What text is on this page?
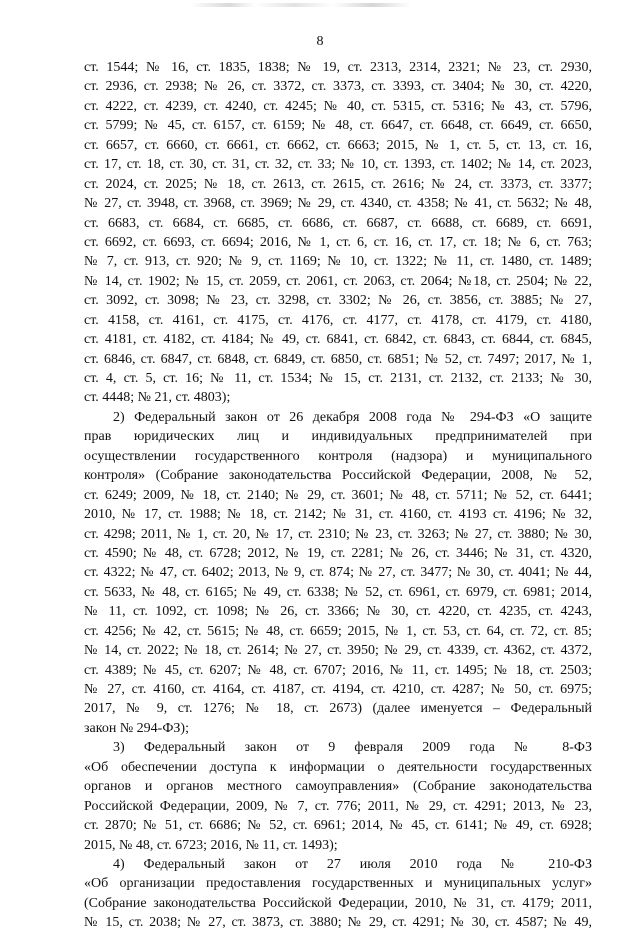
8
ст. 1544; № 16, ст. 1835, 1838; № 19, ст. 2313, 2314, 2321; № 23, ст. 2930,
ст. 2936, ст. 2938; № 26, ст. 3372, ст. 3373, ст. 3393, ст. 3404; № 30, ст. 4220,
ст. 4222, ст. 4239, ст. 4240, ст. 4245; № 40, ст. 5315, ст. 5316; № 43, ст. 5796,
ст. 5799; № 45, ст. 6157, ст. 6159; № 48, ст. 6647, ст. 6648, ст. 6649, ст. 6650,
ст. 6657, ст. 6660, ст. 6661, ст. 6662, ст. 6663; 2015, № 1, ст. 5, ст. 13, ст. 16,
ст. 17, ст. 18, ст. 30, ст. 31, ст. 32, ст. 33; № 10, ст. 1393, ст. 1402; № 14, ст. 2023,
ст. 2024, ст. 2025; № 18, ст. 2613, ст. 2615, ст. 2616; № 24, ст. 3373, ст. 3377;
№ 27, ст. 3948, ст. 3968, ст. 3969; № 29, ст. 4340, ст. 4358; № 41, ст. 5632; № 48,
ст. 6683, ст. 6684, ст. 6685, ст. 6686, ст. 6687, ст. 6688, ст. 6689, ст. 6691,
ст. 6692, ст. 6693, ст. 6694; 2016, № 1, ст. 6, ст. 16, ст. 17, ст. 18; № 6, ст. 763;
№ 7, ст. 913, ст. 920; № 9, ст. 1169; № 10, ст. 1322; № 11, ст. 1480, ст. 1489;
№ 14, ст. 1902; № 15, ст. 2059, ст. 2061, ст. 2063, ст. 2064; №18, ст. 2504; № 22,
ст. 3092, ст. 3098; № 23, ст. 3298, ст. 3302; № 26, ст. 3856, ст. 3885; № 27,
ст. 4158, ст. 4161, ст. 4175, ст. 4176, ст. 4177, ст. 4178, ст. 4179, ст. 4180,
ст. 4181, ст. 4182, ст. 4184; № 49, ст. 6841, ст. 6842, ст. 6843, ст. 6844, ст. 6845,
ст. 6846, ст. 6847, ст. 6848, ст. 6849, ст. 6850, ст. 6851; № 52, ст. 7497; 2017, № 1,
ст. 4, ст. 5, ст. 16; № 11, ст. 1534; № 15, ст. 2131, ст. 2132, ст. 2133; № 30,
ст. 4448; № 21, ст. 4803);
2) Федеральный закон от 26 декабря 2008 года № 294-ФЗ «О защите
прав юридических лиц и индивидуальных предпринимателей при
осуществлении государственного контроля (надзора) и муниципального
контроля» (Собрание законодательства Российской Федерации, 2008, № 52,
ст. 6249; 2009, № 18, ст. 2140; № 29, ст. 3601; № 48, ст. 5711; № 52, ст. 6441;
2010, № 17, ст. 1988; № 18, ст. 2142; № 31, ст. 4160, ст. 4193 ст. 4196; № 32,
ст. 4298; 2011, № 1, ст. 20, № 17, ст. 2310; № 23, ст. 3263; № 27, ст. 3880; № 30,
ст. 4590; № 48, ст. 6728; 2012, № 19, ст. 2281; № 26, ст. 3446; № 31, ст. 4320,
ст. 4322; № 47, ст. 6402; 2013, № 9, ст. 874; № 27, ст. 3477; № 30, ст. 4041; № 44,
ст. 5633, № 48, ст. 6165; № 49, ст. 6338; № 52, ст. 6961, ст. 6979, ст. 6981; 2014,
№ 11, ст. 1092, ст. 1098; № 26, ст. 3366; № 30, ст. 4220, ст. 4235, ст. 4243,
ст. 4256; № 42, ст. 5615; № 48, ст. 6659; 2015, № 1, ст. 53, ст. 64, ст. 72, ст. 85;
№ 14, ст. 2022; № 18, ст. 2614; № 27, ст. 3950; № 29, ст. 4339, ст. 4362, ст. 4372,
ст. 4389; № 45, ст. 6207; № 48, ст. 6707; 2016, № 11, ст. 1495; № 18, ст. 2503;
№ 27, ст. 4160, ст. 4164, ст. 4187, ст. 4194, ст. 4210, ст. 4287; № 50, ст. 6975;
2017, № 9, ст. 1276; № 18, ст. 2673) (далее именуется – Федеральный
закон № 294-ФЗ);
3) Федеральный закон от 9 февраля 2009 года № 8-ФЗ
«Об обеспечении доступа к информации о деятельности государственных
органов и органов местного самоуправления» (Собрание законодательства
Российской Федерации, 2009, № 7, ст. 776; 2011, № 29, ст. 4291; 2013, № 23,
ст. 2870; № 51, ст. 6686; № 52, ст. 6961; 2014, № 45, ст. 6141; № 49, ст. 6928;
2015, № 48, ст. 6723; 2016, № 11, ст. 1493);
4) Федеральный закон от 27 июля 2010 года № 210-ФЗ
«Об организации предоставления государственных и муниципальных услуг»
(Собрание законодательства Российской Федерации, 2010, № 31, ст. 4179; 2011,
№ 15, ст. 2038; № 27, ст. 3873, ст. 3880; № 29, ст. 4291; № 30, ст. 4587; № 49,
